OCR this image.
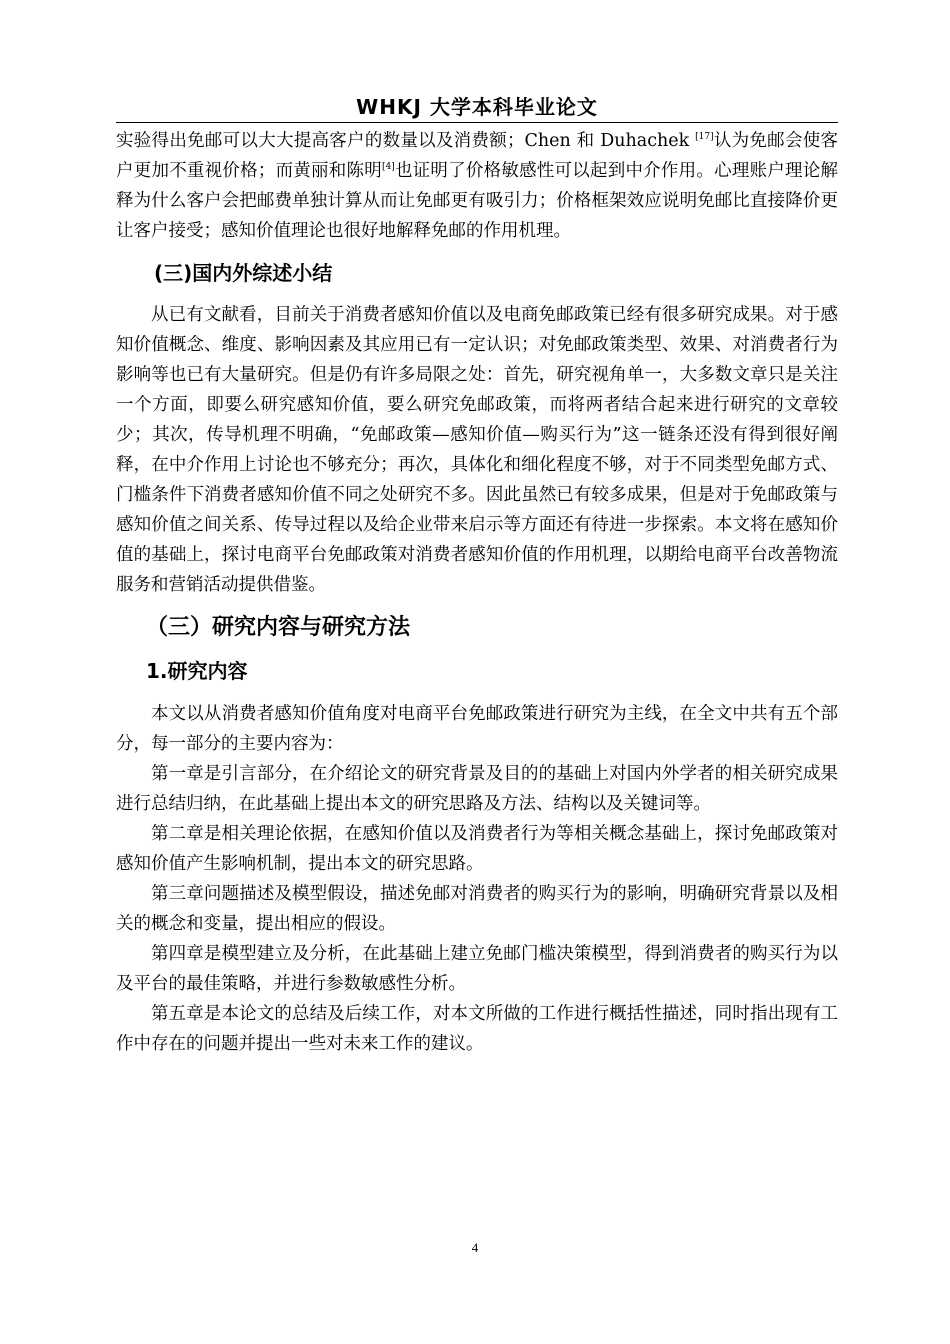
WHKJ 大学本科毕业论文

实验得出免邮可以大大提高客户的数量以及消费额；Chen 和 Duhachek [17]认为免邮会使客户更加不重视价格；而黄丽和陈明[4]也证明了价格敏感性可以起到中介作用。心理账户理论解释为什么客户会把邮费单独计算从而让免邮更有吸引力；价格框架效应说明免邮比直接降价更让客户接受；感知价值理论也很好地解释免邮的作用机理。

(三)国内外综述小结

从已有文献看，目前关于消费者感知价值以及电商免邮政策已经有很多研究成果。对于感知价值概念、维度、影响因素及其应用已有一定认识；对免邮政策类型、效果、对消费者行为影响等也已有大量研究。但是仍有许多局限之处：首先，研究视角单一，大多数文章只是关注一个方面，即要么研究感知价值，要么研究免邮政策，而将两者结合起来进行研究的文章较少；其次，传导机理不明确，“免邮政策—感知价值—购买行为”这一链条还没有得到很好阐释，在中介作用上讨论也不够充分；再次，具体化和细化程度不够，对于不同类型免邮方式、门槛条件下消费者感知价值不同之处研究不多。因此虽然已有较多成果，但是对于免邮政策与感知价值之间关系、传导过程以及给企业带来启示等方面还有待进一步探索。本文将在感知价值的基础上，探讨电商平台免邮政策对消费者感知价值的作用机理，以期给电商平台改善物流服务和营销活动提供借鉴。

（三）研究内容与研究方法
1.研究内容

本文以从消费者感知价值角度对电商平台免邮政策进行研究为主线，在全文中共有五个部分，每一部分的主要内容为：

第一章是引言部分，在介绍论文的研究背景及目的的基础上对国内外学者的相关研究成果进行总结归纳，在此基础上提出本文的研究思路及方法、结构以及关键词等。

第二章是相关理论依据，在感知价值以及消费者行为等相关概念基础上，探讨免邮政策对感知价值产生影响机制，提出本文的研究思路。

第三章问题描述及模型假设，描述免邮对消费者的购买行为的影响，明确研究背景以及相关的概念和变量，提出相应的假设。

第四章是模型建立及分析，在此基础上建立免邮门槛决策模型，得到消费者的购买行为以及平台的最佳策略，并进行参数敏感性分析。

第五章是本论文的总结及后续工作，对本文所做的工作进行概括性描述，同时指出现有工作中存在的问题并提出一些对未来工作的建议。

4
